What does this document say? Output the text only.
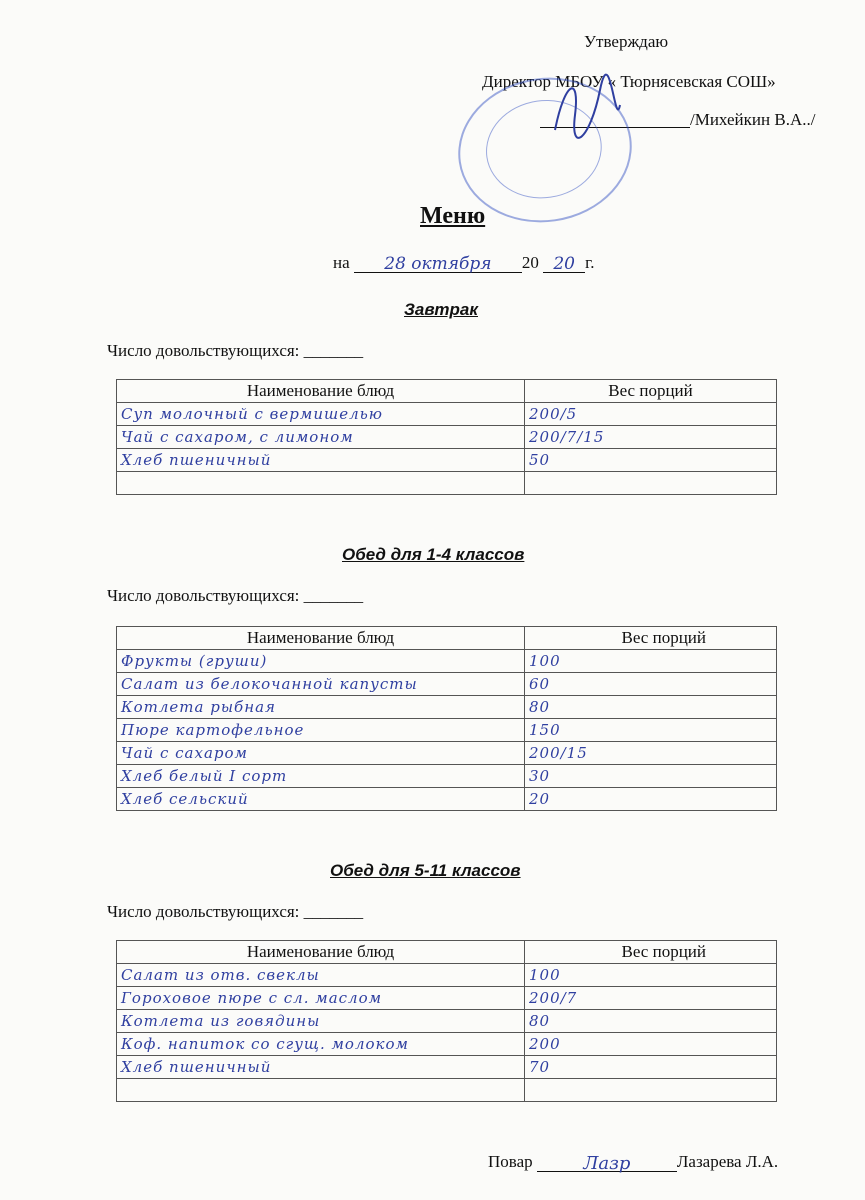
Утверждаю
Директор МБОУ « Тюрнясевская СОШ»
/Михейкин В.А../
Меню
на 28 октября 20 20 г.
Завтрак
Число довольствующихся: _______
Наименование блюд	Вес порций
Суп молочный с вермишелью	200/5
Чай с сахаром, с лимоном	200/7/15
Хлеб пшеничный	50

Обед для 1-4 классов
Число довольствующихся: _______
Наименование блюд	Вес порций
Фрукты (груши)	100
Салат из белокочанной капусты	60
Котлета рыбная	80
Пюре картофельное	150
Чай с сахаром	200/15
Хлеб белый I сорт	30
Хлеб сельский	20
Обед для 5-11 классов
Число довольствующихся: _______
Наименование блюд	Вес порций
Салат из отв. свеклы	100
Гороховое пюре с сл. маслом	200/7
Котлета из говядины	80
Коф. напиток со сгущ. молоком	200
Хлеб пшеничный	70

Повар	Лазр	Лазарева Л.А.
